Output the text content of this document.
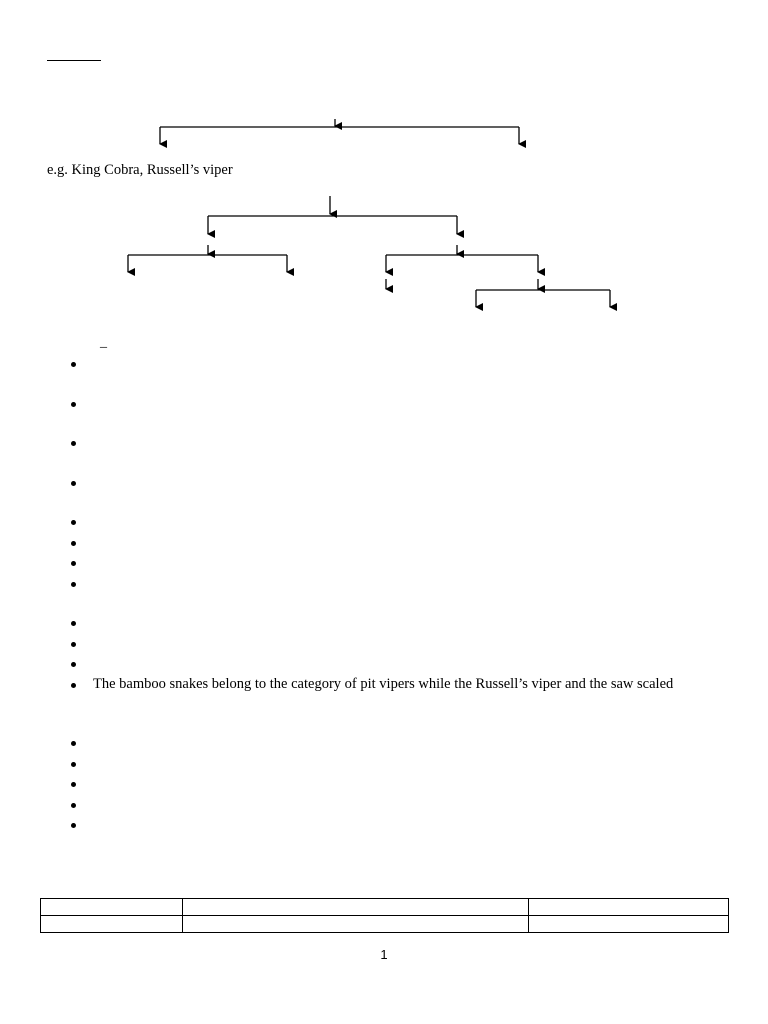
e.g. King Cobra, Russell’s viper
_
The bamboo snakes belong to the category of pit vipers while the Russell’s viper and the saw scaled

1
